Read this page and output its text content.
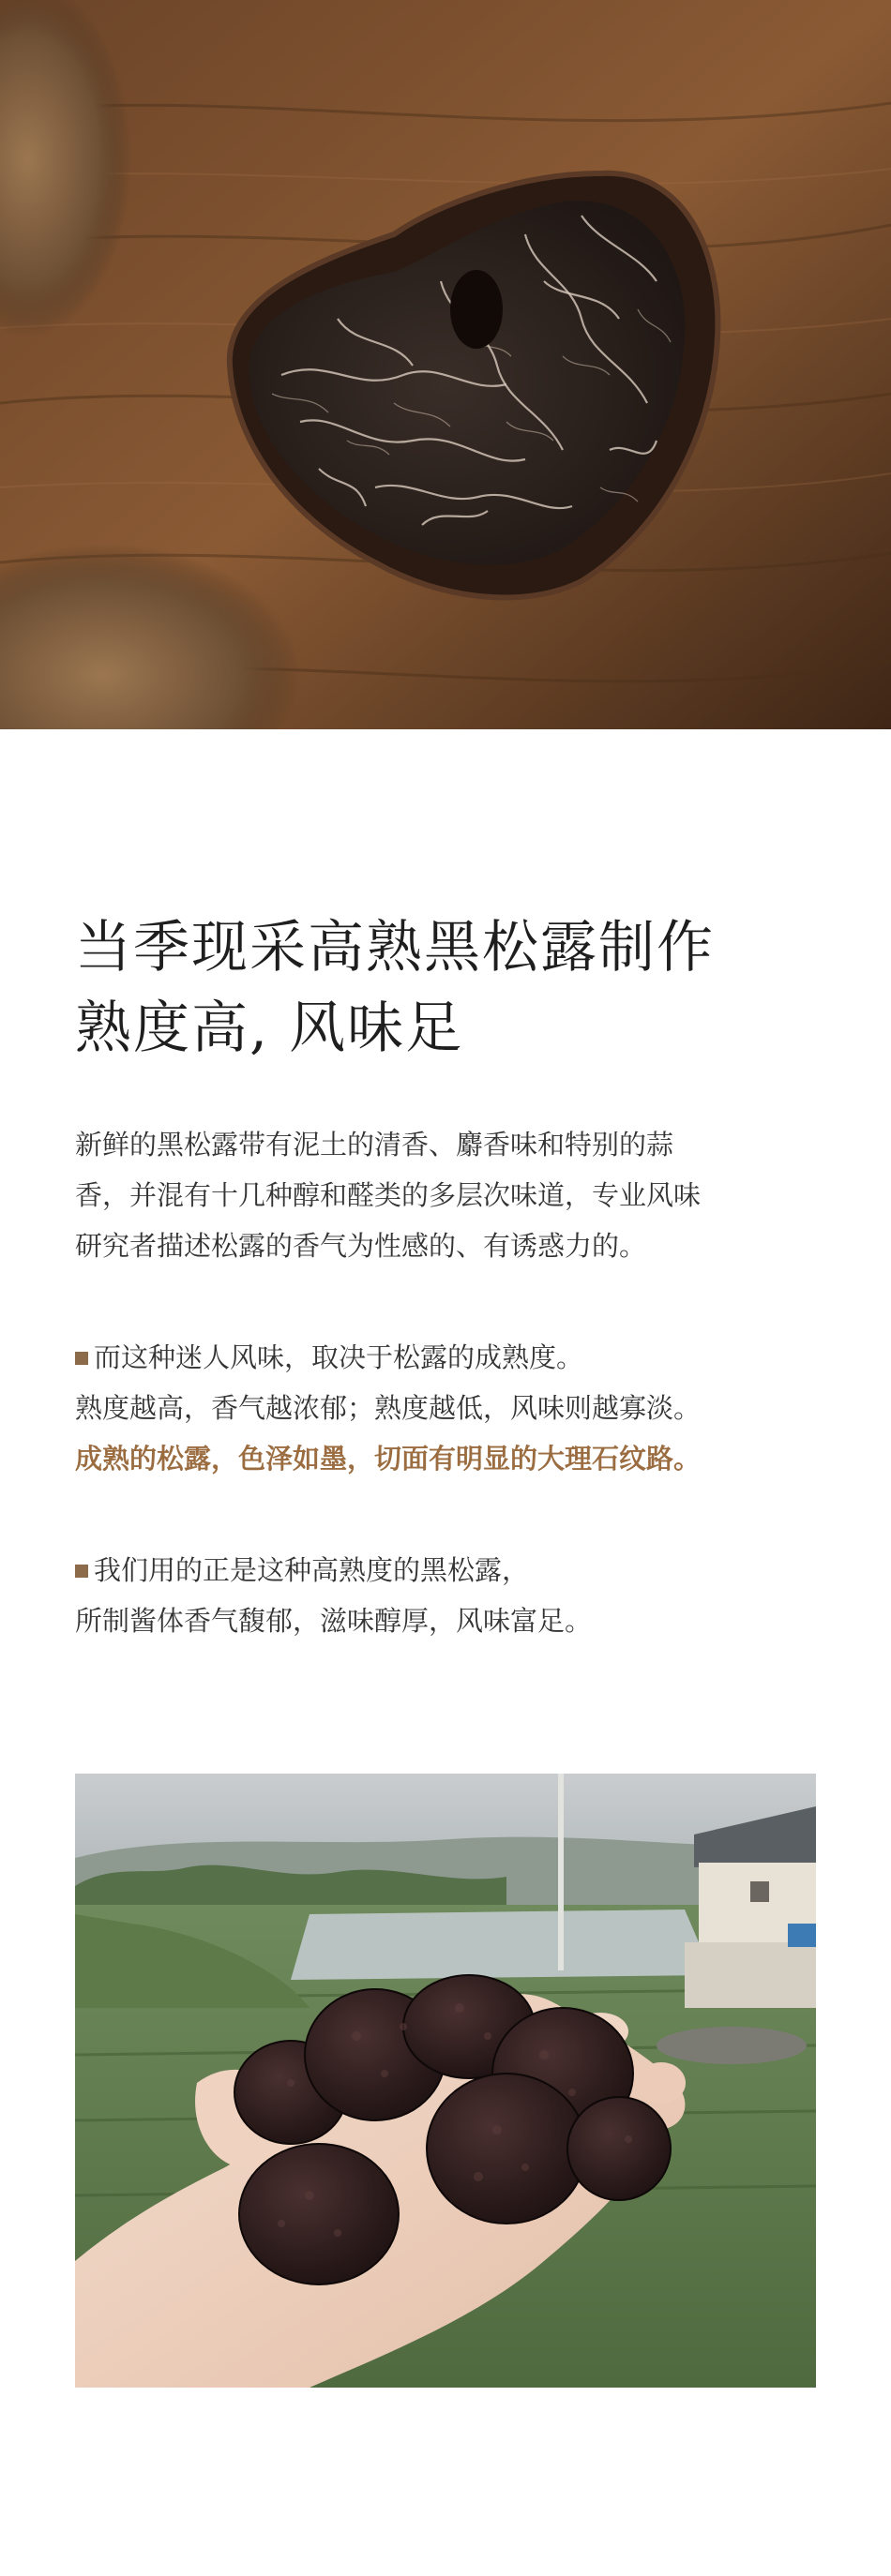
当季现采高熟黑松露制作
熟度高, 风味足

新鲜的黑松露带有泥土的清香、麝香味和特别的蒜
香，并混有十几种醇和醛类的多层次味道，专业风味
研究者描述松露的香气为性感的、有诱惑力的。

而这种迷人风味，取决于松露的成熟度。
熟度越高，香气越浓郁；熟度越低，风味则越寡淡。
成熟的松露，色泽如墨，切面有明显的大理石纹路。

我们用的正是这种高熟度的黑松露，
所制酱体香气馥郁，滋味醇厚，风味富足。
